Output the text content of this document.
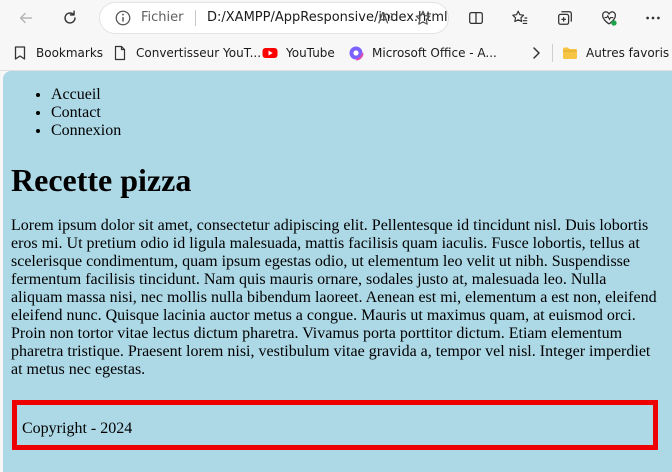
Fichier D:/XAMPP/AppResponsive/index.html
Bookmarks	Convertisseur YouT... YouTube	Microsoft Office - A...	Autres favoris
• Accueil
• Contact
• Connexion
Recette pizza

Lorem ipsum dolor sit amet, consectetur adipiscing elit. Pellentesque id tincidunt nisl. Duis lobortis eros mi. Ut pretium odio id ligula malesuada, mattis facilisis quam iaculis. Fusce lobortis, tellus at scelerisque condimentum, quam ipsum egestas odio, ut elementum leo velit ut nibh. Suspendisse fermentum facilisis tincidunt. Nam quis mauris ornare, sodales justo at, malesuada leo. Nulla aliquam massa nisi, nec mollis nulla bibendum laoreet. Aenean est mi, elementum a est non, eleifend eleifend nunc. Quisque lacinia auctor metus a congue. Mauris ut maximus quam, at euismod orci. Proin non tortor vitae lectus dictum pharetra. Vivamus porta porttitor dictum. Etiam elementum pharetra tristique. Praesent lorem nisi, vestibulum vitae gravida a, tempor vel nisl. Integer imperdiet at metus nec egestas.

Copyright - 2024
